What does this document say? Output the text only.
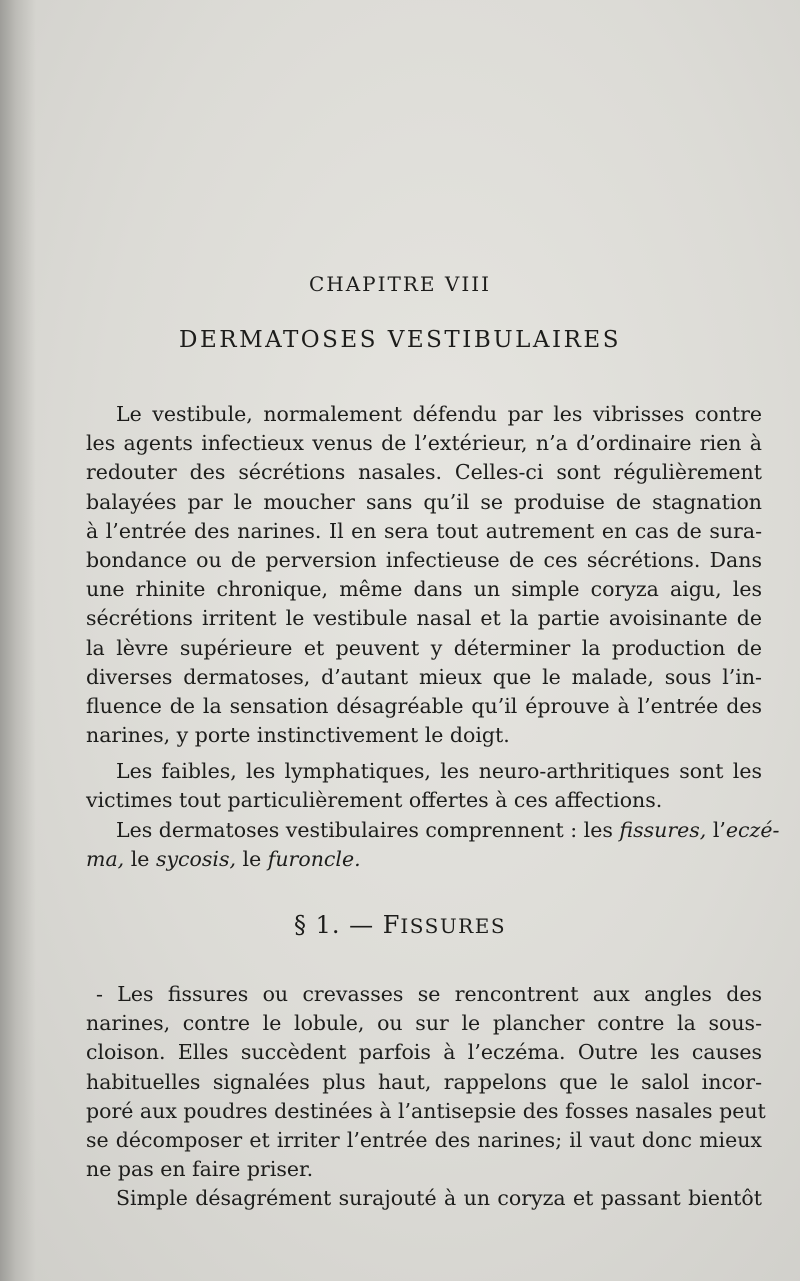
CHAPITRE VIII
DERMATOSES VESTIBULAIRES
Le vestibule, normalement défendu par les vibrisses contre
les agents infectieux venus de l’extérieur, n’a d’ordinaire rien à
redouter des sécrétions nasales. Celles-ci sont régulièrement
balayées par le moucher sans qu’il se produise de stagnation
à l’entrée des narines. Il en sera tout autrement en cas de sura-
bondance ou de perversion infectieuse de ces sécrétions. Dans
une rhinite chronique, même dans un simple coryza aigu, les
sécrétions irritent le vestibule nasal et la partie avoisinante de
la lèvre supérieure et peuvent y déterminer la production de
diverses dermatoses, d’autant mieux que le malade, sous l’in-
fluence de la sensation désagréable qu’il éprouve à l’entrée des
narines, y porte instinctivement le doigt.
Les faibles, les lymphatiques, les neuro-arthritiques sont les
victimes tout particulièrement offertes à ces affections.
Les dermatoses vestibulaires comprennent : les fissures, l’eczé-
ma, le sycosis, le furoncle.
§ 1. — FISSURES
- Les fissures ou crevasses se rencontrent aux angles des
narines, contre le lobule, ou sur le plancher contre la sous-
cloison. Elles succèdent parfois à l’eczéma. Outre les causes
habituelles signalées plus haut, rappelons que le salol incor-
poré aux poudres destinées à l’antisepsie des fosses nasales peut
se décomposer et irriter l’entrée des narines; il vaut donc mieux
ne pas en faire priser.
Simple désagrément surajouté à un coryza et passant bientôt
